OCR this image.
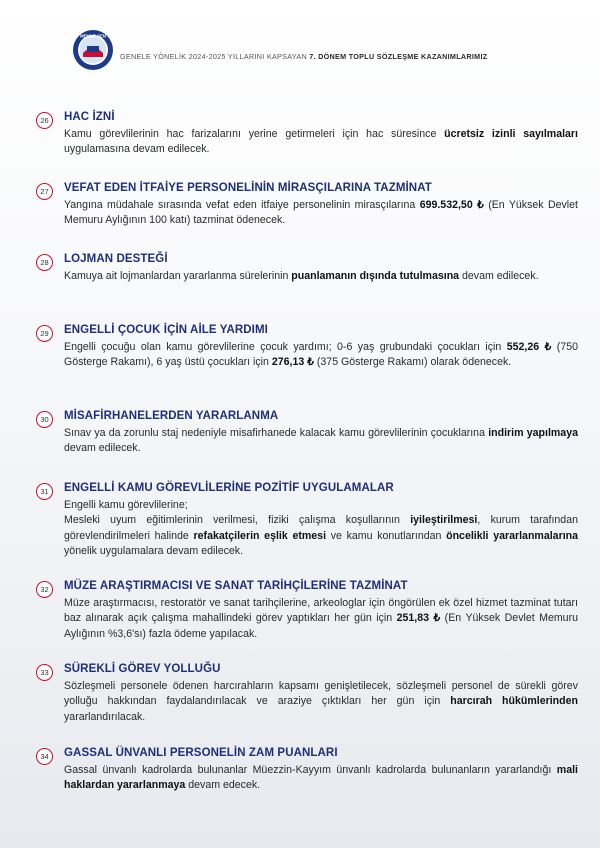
MEMUR-SEN
GENELE YÖNELİK 2024-2025 YILLARINI KAPSAYAN 7. DÖNEM TOPLU SÖZLEŞME KAZANIMLARIMIZ
26	HAC İZNİ
Kamu görevlilerinin hac farizalarını yerine getirmeleri için hac süresince ücretsiz izinli sayılmaları uygulamasına devam edilecek.
27	VEFAT EDEN İTFAİYE PERSONELİNİN MİRASÇILARINA TAZMİNAT
Yangına müdahale sırasında vefat eden itfaiye personelinin mirasçılarına 699.532,50 ₺ (En Yüksek Devlet Memuru Aylığının 100 katı) tazminat ödenecek.
28	LOJMAN DESTEĞİ
Kamuya ait lojmanlardan yararlanma sürelerinin puanlamanın dışında tutulmasına devam edilecek.
29	ENGELLİ ÇOCUK İÇİN AİLE YARDIMI
Engelli çocuğu olan kamu görevlilerine çocuk yardımı; 0-6 yaş grubundaki çocukları için 552,26 ₺ (750 Gösterge Rakamı), 6 yaş üstü çocukları için 276,13 ₺ (375 Gösterge Rakamı) olarak ödenecek.
30	MİSAFİRHANELERDEN YARARLANMA
Sınav ya da zorunlu staj nedeniyle misafirhanede kalacak kamu görevlilerinin çocuklarına indirim yapılmaya devam edilecek.
31	ENGELLİ KAMU GÖREVLİLERİNE POZİTİF UYGULAMALAR
Engelli kamu görevlilerine;
Mesleki uyum eğitimlerinin verilmesi, fiziki çalışma koşullarının iyileştirilmesi, kurum tarafından görevlendirilmeleri halinde refakatçilerin eşlik etmesi ve kamu konutlarından öncelikli yararlanmalarına yönelik uygulamalara devam edilecek.
32	MÜZE ARAŞTIRMACISI VE SANAT TARİHÇİLERİNE TAZMİNAT
Müze araştırmacısı, restoratör ve sanat tarihçilerine, arkeologlar için öngörülen ek özel hizmet tazminat tutarı baz alınarak açık çalışma mahallindeki görev yaptıkları her gün için 251,83 ₺ (En Yüksek Devlet Memuru Aylığının %3,6'sı) fazla ödeme yapılacak.
33	SÜREKLİ GÖREV YOLLUĞU
Sözleşmeli personele ödenen harcırahların kapsamı genişletilecek, sözleşmeli personel de sürekli görev yolluğu hakkından faydalandırılacak ve araziye çıktıkları her gün için harcırah hükümlerinden yararlandırılacak.
34	GASSAL ÜNVANLI PERSONELİN ZAM PUANLARI
Gassal ünvanlı kadrolarda bulunanlar Müezzin-Kayyım ünvanlı kadrolarda bulunanların yararlandığı mali haklardan yararlanmaya devam edecek.
